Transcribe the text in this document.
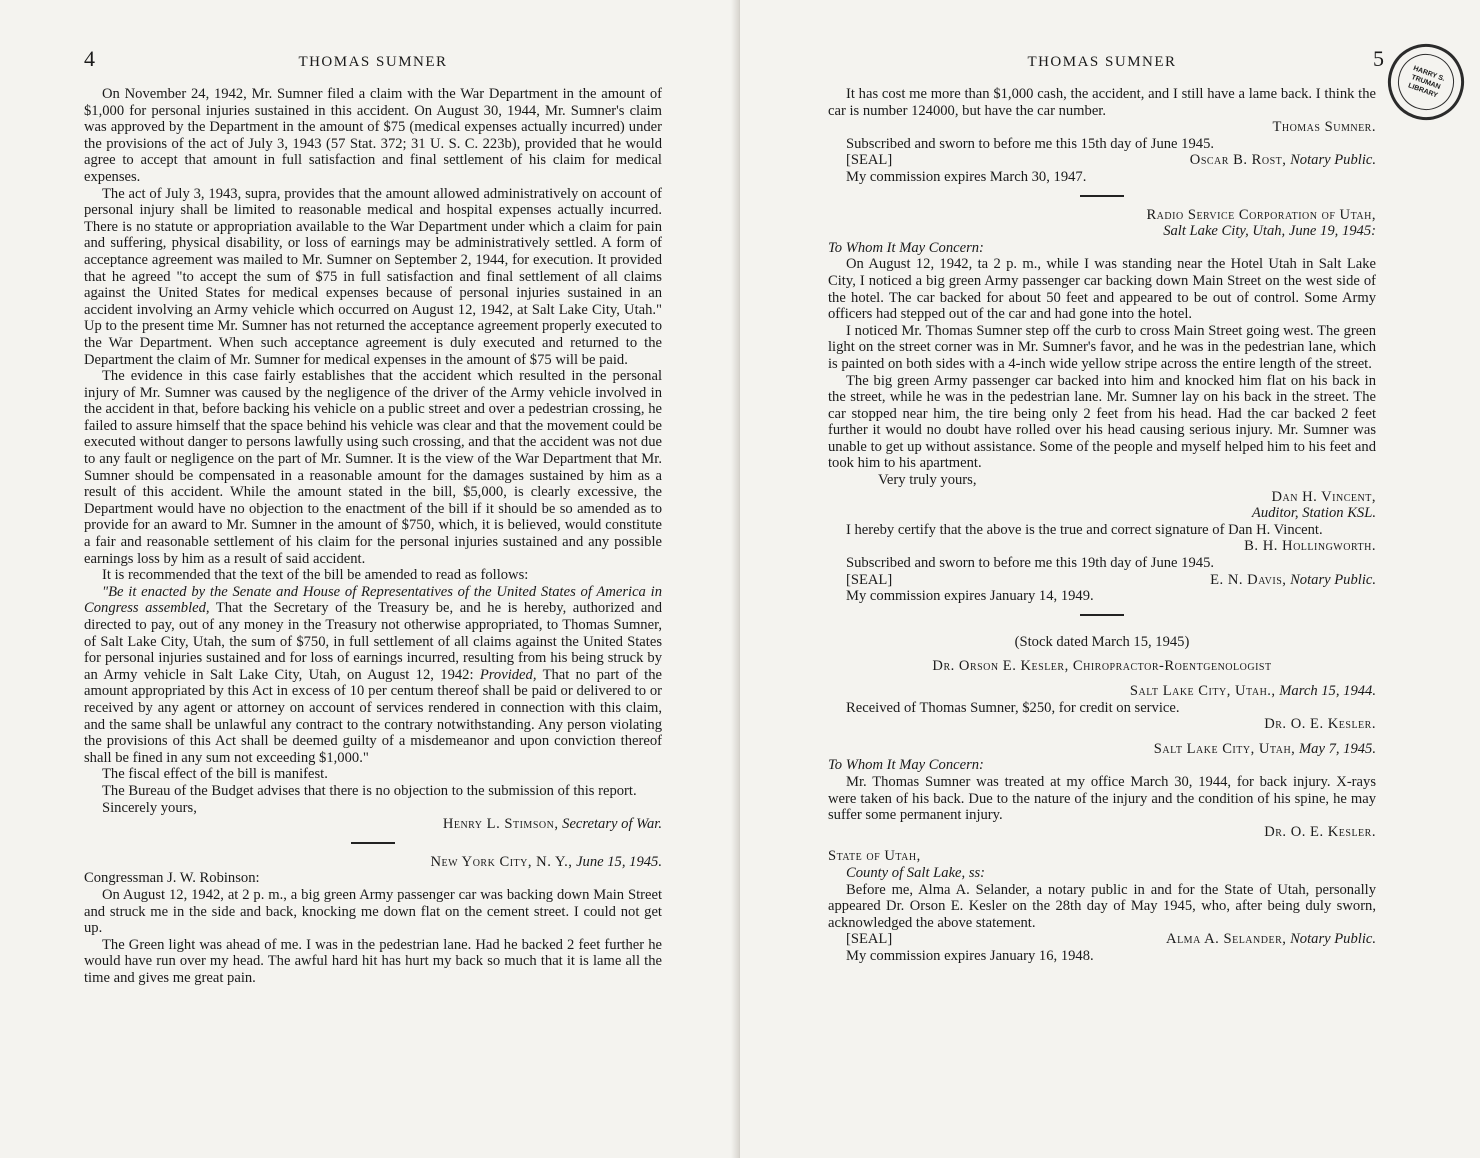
4	THOMAS SUMNER

On November 24, 1942, Mr. Sumner filed a claim with the War Department in the amount of $1,000 for personal injuries sustained in this accident. On August 30, 1944, Mr. Sumner's claim was approved by the Department in the amount of $75 (medical expenses actually incurred) under the provisions of the act of July 3, 1943 (57 Stat. 372; 31 U. S. C. 223b), provided that he would agree to accept that amount in full satisfaction and final settlement of his claim for medical expenses.

The act of July 3, 1943, supra, provides that the amount allowed administratively on account of personal injury shall be limited to reasonable medical and hospital expenses actually incurred. There is no statute or appropriation available to the War Department under which a claim for pain and suffering, physical disability, or loss of earnings may be administratively settled. A form of acceptance agreement was mailed to Mr. Sumner on September 2, 1944, for execution. It provided that he agreed "to accept the sum of $75 in full satisfaction and final settlement of all claims against the United States for medical expenses because of personal injuries sustained in an accident involving an Army vehicle which occurred on August 12, 1942, at Salt Lake City, Utah." Up to the present time Mr. Sumner has not returned the acceptance agreement properly executed to the War Department. When such acceptance agreement is duly executed and returned to the Department the claim of Mr. Sumner for medical expenses in the amount of $75 will be paid.

The evidence in this case fairly establishes that the accident which resulted in the personal injury of Mr. Sumner was caused by the negligence of the driver of the Army vehicle involved in the accident in that, before backing his vehicle on a public street and over a pedestrian crossing, he failed to assure himself that the space behind his vehicle was clear and that the movement could be executed without danger to persons lawfully using such crossing, and that the accident was not due to any fault or negligence on the part of Mr. Sumner. It is the view of the War Department that Mr. Sumner should be compensated in a reasonable amount for the damages sustained by him as a result of this accident. While the amount stated in the bill, $5,000, is clearly excessive, the Department would have no objection to the enactment of the bill if it should be so amended as to provide for an award to Mr. Sumner in the amount of $750, which, it is believed, would constitute a fair and reasonable settlement of his claim for the personal injuries sustained and any possible earnings loss by him as a result of said accident.

It is recommended that the text of the bill be amended to read as follows:

"Be it enacted by the Senate and House of Representatives of the United States of America in Congress assembled, That the Secretary of the Treasury be, and he is hereby, authorized and directed to pay, out of any money in the Treasury not otherwise appropriated, to Thomas Sumner, of Salt Lake City, Utah, the sum of $750, in full settlement of all claims against the United States for personal injuries sustained and for loss of earnings incurred, resulting from his being struck by an Army vehicle in Salt Lake City, Utah, on August 12, 1942: Provided, That no part of the amount appropriated by this Act in excess of 10 per centum thereof shall be paid or delivered to or received by any agent or attorney on account of services rendered in connection with this claim, and the same shall be unlawful any contract to the contrary notwithstanding. Any person violating the provisions of this Act shall be deemed guilty of a misdemeanor and upon conviction thereof shall be fined in any sum not exceeding $1,000."

The fiscal effect of the bill is manifest.

The Bureau of the Budget advises that there is no objection to the submission of this report.

Sincerely yours,

Henry L. Stimson, Secretary of War.

New York City, N. Y., June 15, 1945.

Congressman J. W. Robinson:

On August 12, 1942, at 2 p. m., a big green Army passenger car was backing down Main Street and struck me in the side and back, knocking me down flat on the cement street. I could not get up.

The Green light was ahead of me. I was in the pedestrian lane. Had he backed 2 feet further he would have run over my head. The awful hard hit has hurt my back so much that it is lame all the time and gives me great pain.

HARRY S. TRUMAN LIBRARY
THOMAS SUMNER	5

It has cost me more than $1,000 cash, the accident, and I still have a lame back. I think the car is number 124000, but have the car number.

Thomas Sumner.

Subscribed and sworn to before me this 15th day of June 1945.

[SEAL]	Oscar B. Rost, Notary Public.

My commission expires March 30, 1947.

Radio Service Corporation of Utah,

Salt Lake City, Utah, June 19, 1945:

To Whom It May Concern:

On August 12, 1942, ta 2 p. m., while I was standing near the Hotel Utah in Salt Lake City, I noticed a big green Army passenger car backing down Main Street on the west side of the hotel. The car backed for about 50 feet and appeared to be out of control. Some Army officers had stepped out of the car and had gone into the hotel.

I noticed Mr. Thomas Sumner step off the curb to cross Main Street going west. The green light on the street corner was in Mr. Sumner's favor, and he was in the pedestrian lane, which is painted on both sides with a 4-inch wide yellow stripe across the entire length of the street.

The big green Army passenger car backed into him and knocked him flat on his back in the street, while he was in the pedestrian lane. Mr. Sumner lay on his back in the street. The car stopped near him, the tire being only 2 feet from his head. Had the car backed 2 feet further it would no doubt have rolled over his head causing serious injury. Mr. Sumner was unable to get up without assistance. Some of the people and myself helped him to his feet and took him to his apartment.

Very truly yours,

Dan H. Vincent,

Auditor, Station KSL.

I hereby certify that the above is the true and correct signature of Dan H. Vincent.

B. H. Hollingworth.

Subscribed and sworn to before me this 19th day of June 1945.

[SEAL]	E. N. Davis, Notary Public.

My commission expires January 14, 1949.

(Stock dated March 15, 1945)

Dr. Orson E. Kesler, Chiropractor-Roentgenologist

Salt Lake City, Utah., March 15, 1944.

Received of Thomas Sumner, $250, for credit on service.

Dr. O. E. Kesler.

Salt Lake City, Utah, May 7, 1945.

To Whom It May Concern:

Mr. Thomas Sumner was treated at my office March 30, 1944, for back injury. X-rays were taken of his back. Due to the nature of the injury and the condition of his spine, he may suffer some permanent injury.

Dr. O. E. Kesler.

State of Utah,

County of Salt Lake, ss:

Before me, Alma A. Selander, a notary public in and for the State of Utah, personally appeared Dr. Orson E. Kesler on the 28th day of May 1945, who, after being duly sworn, acknowledged the above statement.

[SEAL]	Alma A. Selander, Notary Public.

My commission expires January 16, 1948.
